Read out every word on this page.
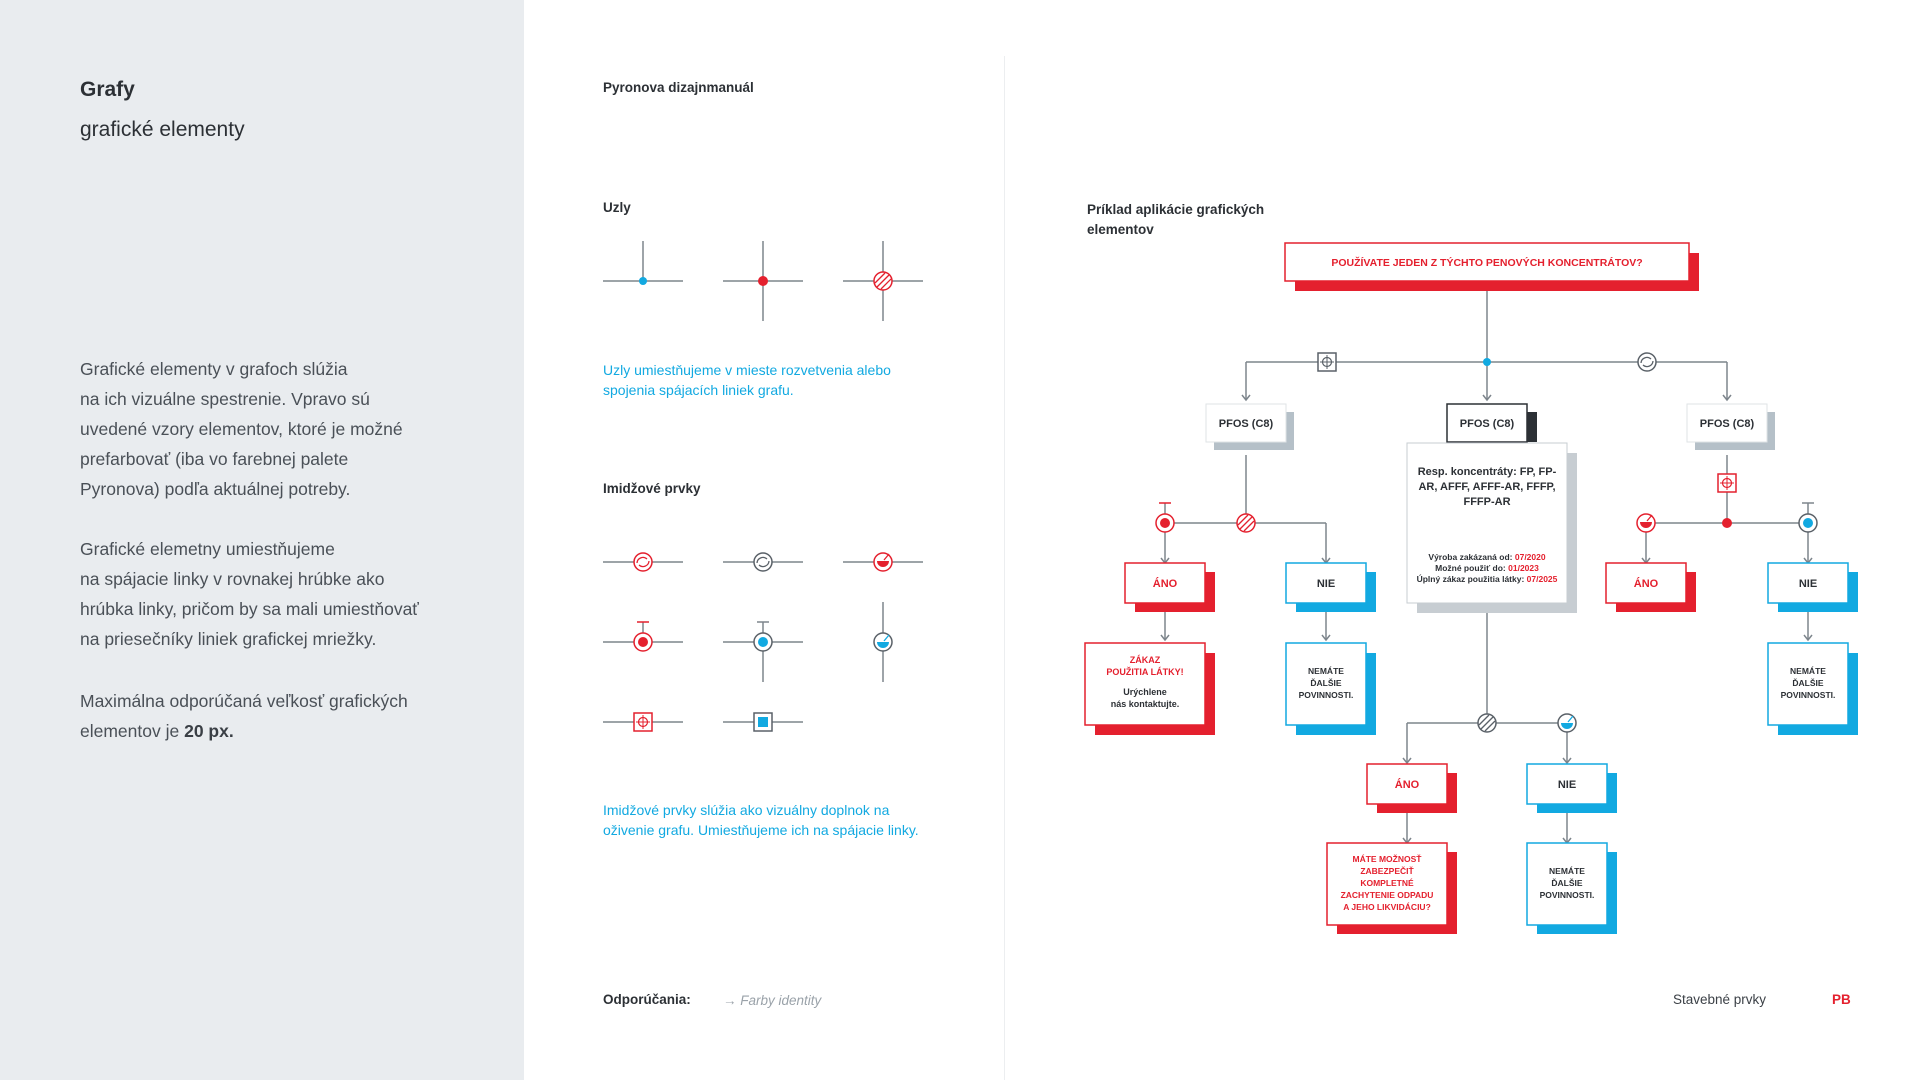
Grafy
grafické elementy
Grafické elementy v grafoch slúžia
na ich vizuálne spestrenie. Vpravo sú
uvedené vzory elementov, ktoré je možné
prefarbovať (iba vo farebnej palete
Pyronova) podľa aktuálnej potreby.
Grafické elemetny umiestňujeme
na spájacie linky v rovnakej hrúbke ako
hrúbka linky, pričom by sa mali umiestňovať
na priesečníky liniek grafickej mriežky.
Maximálna odporúčaná veľkosť grafických
elementov je 20 px.
Pyronova dizajnmanuál
Uzly
Imidžové prvky
Uzly umiestňujeme v mieste rozvetvenia alebo
spojenia spájacích liniek grafu.
Imidžové prvky slúžia ako vizuálny doplnok na
oživenie grafu. Umiestňujeme ich na spájacie linky.
Odporúčania: → Farby identity
Príklad aplikácie grafických
elementov
Stavebné prvky	PB
POUŽÍVATE JEDEN Z TÝCHTO PENOVÝCH KONCENTRÁTOV?
PFOS (C8)	PFOS (C8)	PFOS (C8)
Resp. koncentráty: FP, FP-
AR, AFFF, AFFF-AR, FFFP,
FFFP-AR
Výroba zakázaná od: 07/2020
Možné použiť do: 01/2023
Úplný zákaz použitia látky: 07/2025
ÁNO	NIE
ZÁKAZ
POUŽITIA LÁTKY!
Urýchlene
nás kontaktujte.
NEMÁTE
ĎALŠIE
POVINNOSTI.
ÁNO	NIE
MÁTE MOŽNOSŤ
ZABEZPEČIŤ
KOMPLETNÉ
ZACHYTENIE ODPADU
A JEHO LIKVIDÁCIU?
NEMÁTE
ĎALŠIE
POVINNOSTI.
ÁNO	NIE
NEMÁTE
ĎALŠIE
POVINNOSTI.
